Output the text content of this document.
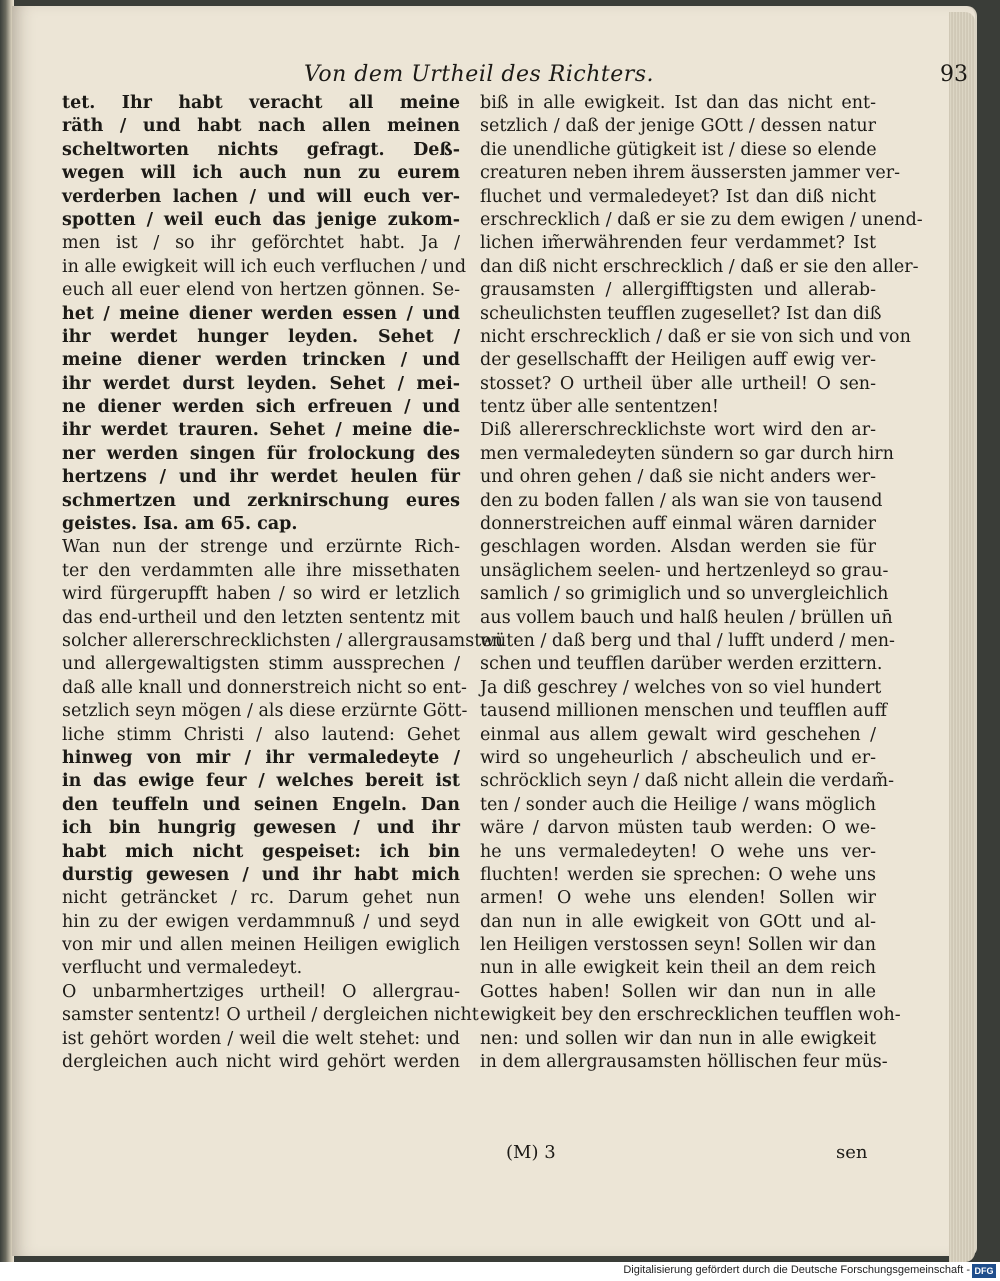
Von dem Urtheil des Richters.	93
tet. Ihr habt veracht all meine
räth / und habt nach allen meinen
scheltworten nichts gefragt. Deß-
wegen will ich auch nun zu eurem
verderben lachen / und will euch ver-
spotten / weil euch das jenige zukom-
men ist / so ihr geförchtet habt. Ja /
in alle ewigkeit will ich euch verfluchen / und
euch all euer elend von hertzen gönnen. Se-
het / meine diener werden essen / und
ihr werdet hunger leyden. Sehet /
meine diener werden trincken / und
ihr werdet durst leyden. Sehet / mei-
ne diener werden sich erfreuen / und
ihr werdet trauren. Sehet / meine die-
ner werden singen für frolockung des
hertzens / und ihr werdet heulen für
schmertzen und zerknirschung eures
geistes. Isa. am 65. cap.
Wan nun der strenge und erzürnte Rich-
ter den verdammten alle ihre missethaten
wird fürgerupfft haben / so wird er letzlich
das end-urtheil und den letzten sententz mit
solcher allererschrecklichsten / allergrausamsten
und allergewaltigsten stimm aussprechen /
daß alle knall und donnerstreich nicht so ent-
setzlich seyn mögen / als diese erzürnte Gött-
liche stimm Christi / also lautend: Gehet
hinweg von mir / ihr vermaledeyte /
in das ewige feur / welches bereit ist
den teuffeln und seinen Engeln. Dan
ich bin hungrig gewesen / und ihr
habt mich nicht gespeiset: ich bin
durstig gewesen / und ihr habt mich
nicht geträncket / rc. Darum gehet nun
hin zu der ewigen verdammnuß / und seyd
von mir und allen meinen Heiligen ewiglich
verflucht und vermaledeyt.
O unbarmhertziges urtheil! O allergrau-
samster sententz! O urtheil / dergleichen nicht
ist gehört worden / weil die welt stehet: und
dergleichen auch nicht wird gehört werden
biß in alle ewigkeit. Ist dan das nicht ent-
setzlich / daß der jenige GOtt / dessen natur
die unendliche gütigkeit ist / diese so elende
creaturen neben ihrem äussersten jammer ver-
fluchet und vermaledeyet? Ist dan diß nicht
erschrecklich / daß er sie zu dem ewigen / unend-
lichen im̃erwährenden feur verdammet? Ist
dan diß nicht erschrecklich / daß er sie den aller-
grausamsten / allergifftigsten und allerab-
scheulichsten teufflen zugesellet? Ist dan diß
nicht erschrecklich / daß er sie von sich und von
der gesellschafft der Heiligen auff ewig ver-
stosset? O urtheil über alle urtheil! O sen-
tentz über alle sententzen!
Diß allererschrecklichste wort wird den ar-
men vermaledeyten sündern so gar durch hirn
und ohren gehen / daß sie nicht anders wer-
den zu boden fallen / als wan sie von tausend
donnerstreichen auff einmal wären darnider
geschlagen worden. Alsdan werden sie für
unsäglichem seelen- und hertzenleyd so grau-
samlich / so grimiglich und so unvergleichlich
aus vollem bauch und halß heulen / brüllen un̄
wüten / daß berg und thal / lufft underd / men-
schen und teufflen darüber werden erzittern.
Ja diß geschrey / welches von so viel hundert
tausend millionen menschen und teufflen auff
einmal aus allem gewalt wird geschehen /
wird so ungeheurlich / abscheulich und er-
schröcklich seyn / daß nicht allein die verdam̃-
ten / sonder auch die Heilige / wans möglich
wäre / darvon müsten taub werden: O we-
he uns vermaledeyten! O wehe uns ver-
fluchten! werden sie sprechen: O wehe uns
armen! O wehe uns elenden! Sollen wir
dan nun in alle ewigkeit von GOtt und al-
len Heiligen verstossen seyn! Sollen wir dan
nun in alle ewigkeit kein theil an dem reich
Gottes haben! Sollen wir dan nun in alle
ewigkeit bey den erschrecklichen teufflen woh-
nen: und sollen wir dan nun in alle ewigkeit
in dem allergrausamsten höllischen feur müs-
(M) 3	sen
Digitalisierung gefördert durch die Deutsche Forschungsgemeinschaft - DFG
